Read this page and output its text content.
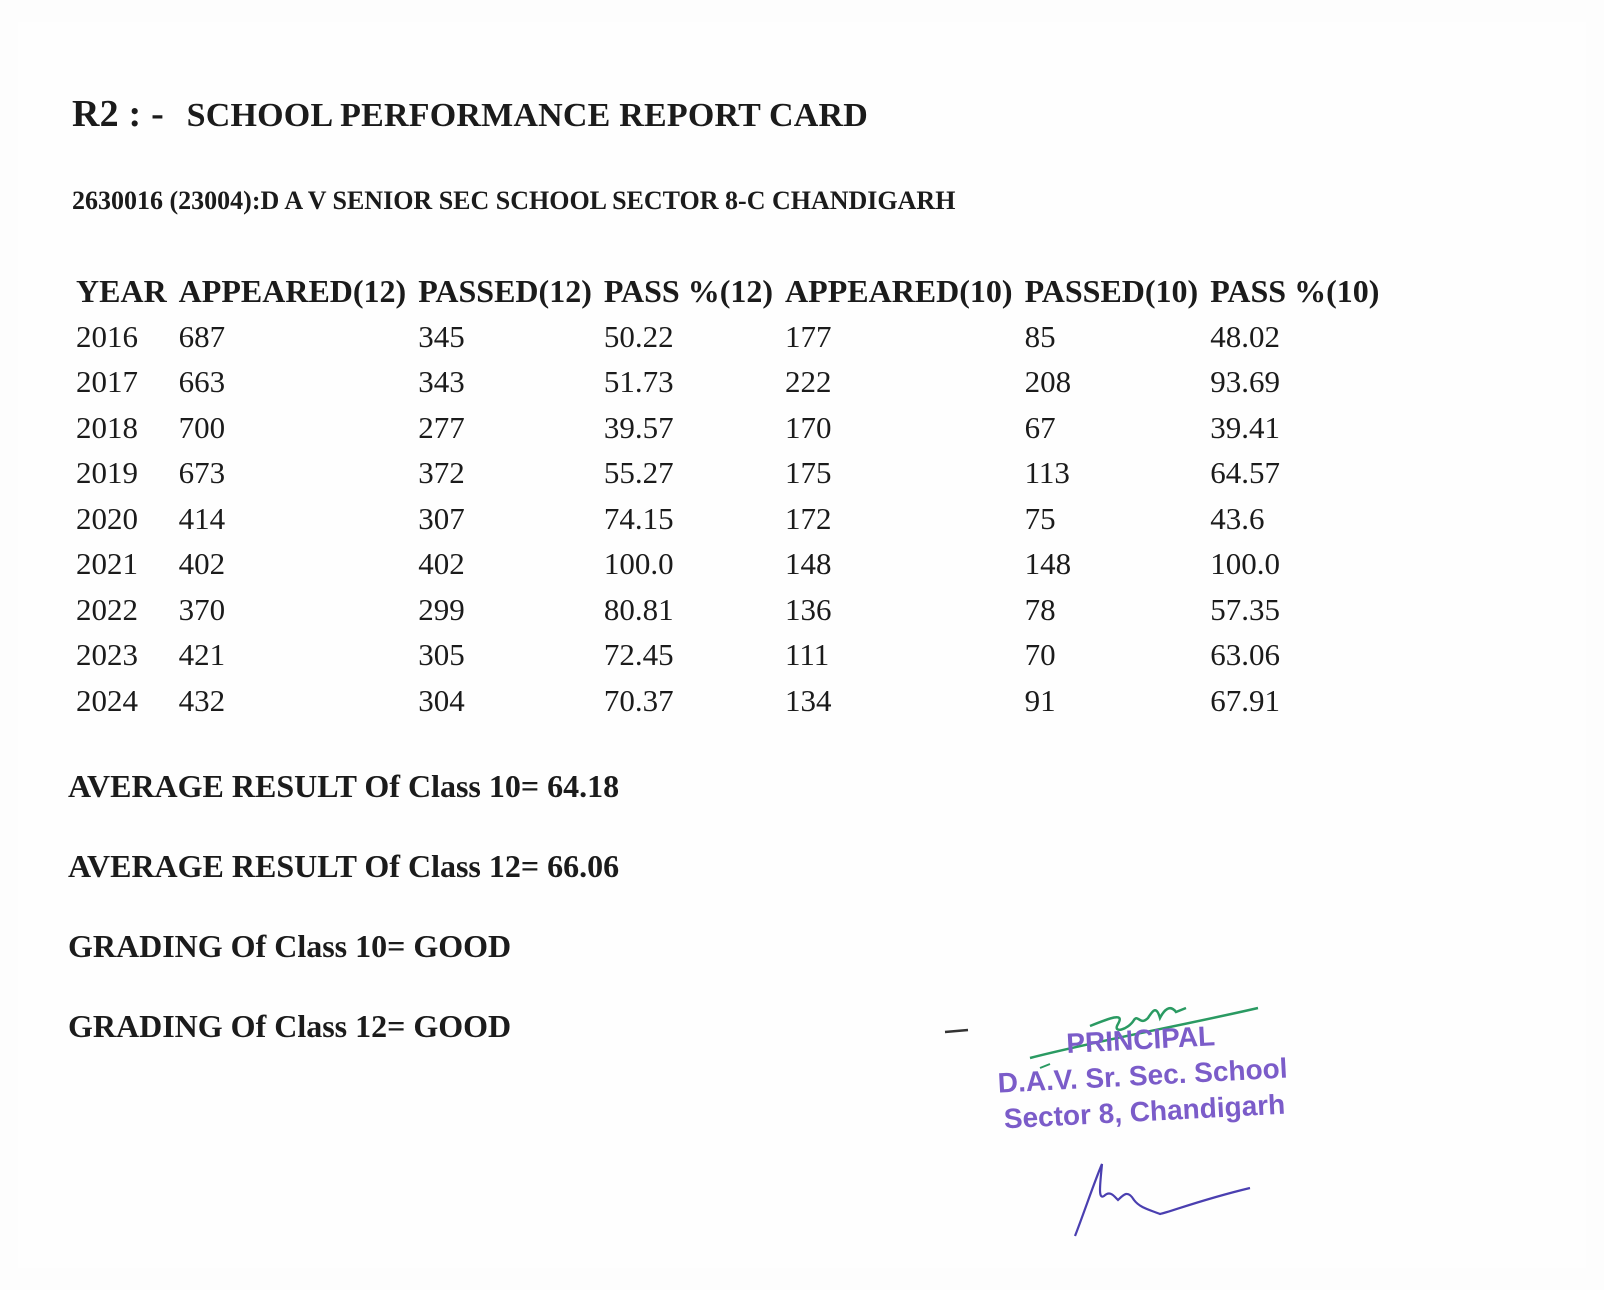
R2 : - SCHOOL PERFORMANCE REPORT CARD
2630016 (23004):D A V SENIOR SEC SCHOOL SECTOR 8-C CHANDIGARH
YEAR	APPEARED(12)	PASSED(12)	PASS %(12)	APPEARED(10)	PASSED(10)	PASS %(10)
2016	687	345	50.22	177	85	48.02
2017	663	343	51.73	222	208	93.69
2018	700	277	39.57	170	67	39.41
2019	673	372	55.27	175	113	64.57
2020	414	307	74.15	172	75	43.6
2021	402	402	100.0	148	148	100.0
2022	370	299	80.81	136	78	57.35
2023	421	305	72.45	111	70	63.06
2024	432	304	70.37	134	91	67.91
AVERAGE RESULT Of Class 10= 64.18
AVERAGE RESULT Of Class 12= 66.06
GRADING Of Class 10= GOOD
GRADING Of Class 12= GOOD	PRINCIPAL
D.A.V. Sr. Sec. School
Sector 8, Chandigarh
